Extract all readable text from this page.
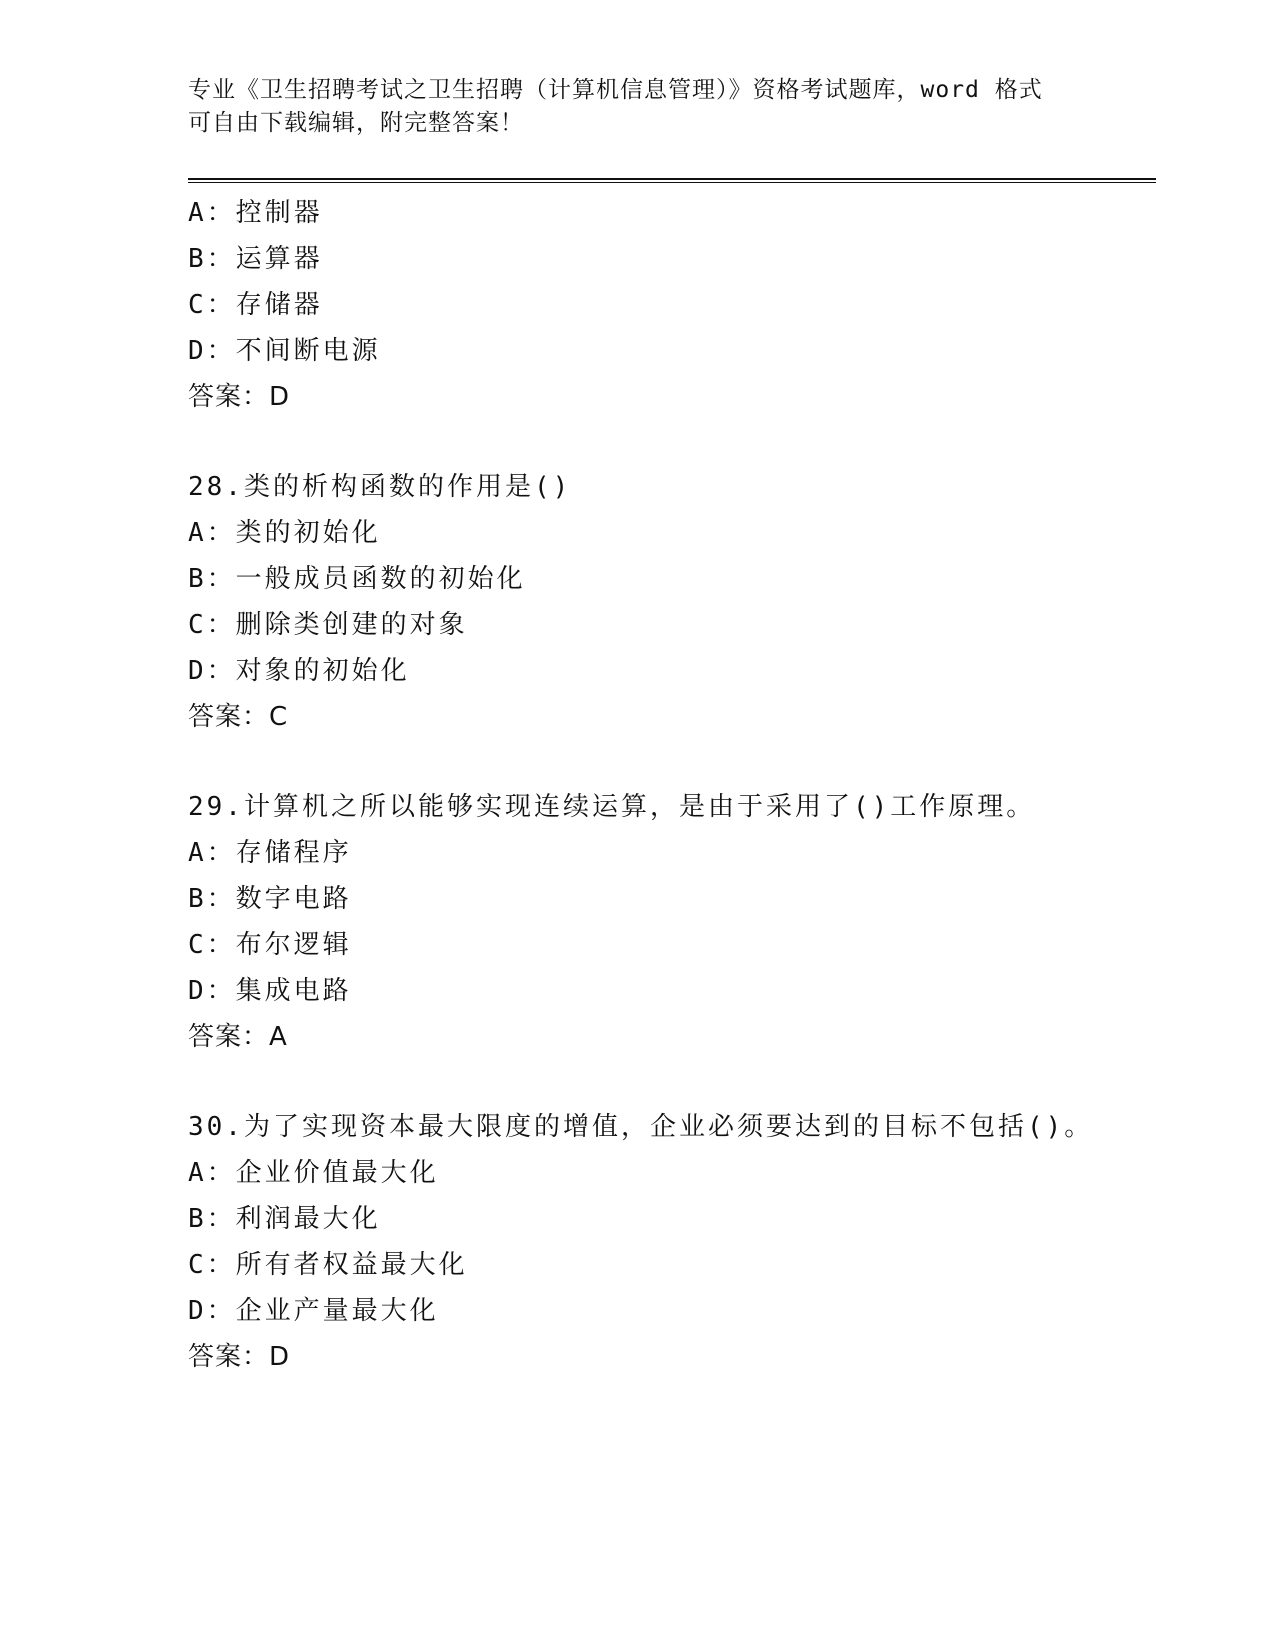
专业《卫生招聘考试之卫生招聘（计算机信息管理）》资格考试题库，word 格式
可自由下载编辑，附完整答案！
A：控制器
B：运算器
C：存储器
D：不间断电源
答案：D
28.类的析构函数的作用是()
A：类的初始化
B：一般成员函数的初始化
C：删除类创建的对象
D：对象的初始化
答案：C
29.计算机之所以能够实现连续运算，是由于采用了()工作原理。
A：存储程序
B：数字电路
C：布尔逻辑
D：集成电路
答案：A
30.为了实现资本最大限度的增值，企业必须要达到的目标不包括()。
A：企业价值最大化
B：利润最大化
C：所有者权益最大化
D：企业产量最大化
答案：D
